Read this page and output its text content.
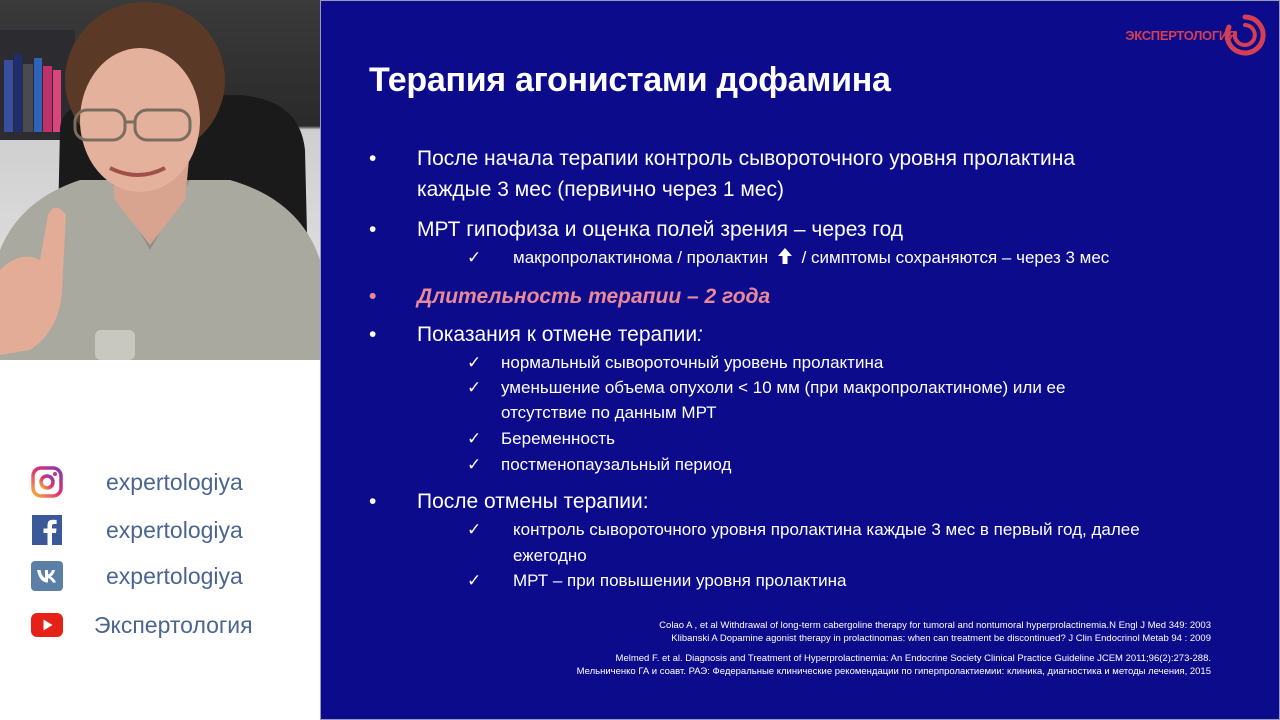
expertologiya
expertologiya
expertologiya
Экспертология
ЭКСПЕРТОЛОГИЯ
Терапия агонистами дофамина
• После начала терапии контроль сывороточного уровня пролактина
каждые 3 мес (первично через 1 мес)
• МРТ гипофиза и оценка полей зрения – через год
✓ макропролактинома / пролактин / симптомы сохраняются – через 3 мес
• Длительность терапии – 2 года
• Показания к отмене терапии:
✓ нормальный сывороточный уровень пролактина
✓ уменьшение объема опухоли < 10 мм (при макропролактиноме) или ее
отсутствие по данным МРТ
✓ Беременность
✓ постменопаузальный период
• После отмены терапии:
✓ контроль сывороточного уровня пролактина каждые 3 мес в первый год, далее
ежегодно
✓ МРТ – при повышении уровня пролактина
Colao A , et al Withdrawal of long-term cabergoline therapy for tumoral and nontumoral hyperprolactinemia.N Engl J Med 349: 2003
Klibanski A Dopamine agonist therapy in prolactinomas: when can treatment be discontinued? J Clin Endocrinol Metab 94 : 2009
Melmed F. et al. Diagnosis and Treatment of Hyperprolactinemia: An Endocrine Society Clinical Practice Guideline JCEM 2011;96(2):273-288.
Мельниченко ГА и соавт. РАЭ: Федеральные клинические рекомендации по гиперпролактиемии: клиника, диагностика и методы лечения, 2015
